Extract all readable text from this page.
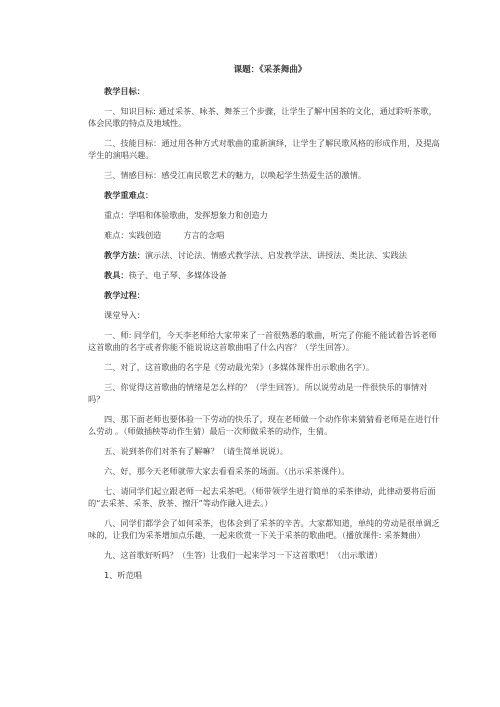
课题：《采茶舞曲》
教学目标：
一、知识目标: 通过采茶、咏茶、舞茶三个步骤，让学生了解中国茶的文化，通过聆听茶歌，体会民歌的特点及地域性。
二、技能目标：通过用各种方式对歌曲的重新演绎，让学生了解民歌风格的形成作用，及提高学生的演唱兴趣。
三、情感目标：感受江南民歌艺术的魅力，以唤起学生热爱生活的激情。
教学重难点：
重点：学唱和体验歌曲，发挥想象力和创造力
难点：实践创造	方言的念唱
教学方法：演示法、讨论法、情感式教学法、启发教学法、讲授法、类比法、实践法
教具：筷子、电子琴、多媒体设备
教学过程：
课堂导入：
一、师: 同学们，今天李老师给大家带来了一首很熟悉的歌曲，听完了你能不能试着告诉老师这首歌曲的名字或者你能不能说说这首歌曲唱了什么内容？（学生回答）。
二、对了，这首歌曲的名字是《劳动最光荣》（多媒体课件出示歌曲名字）。
三、你觉得这首歌曲的情绪是怎么样的？（学生回答）。所以说劳动是一件很快乐的事情对吗？
四、那下面老师也要体验一下劳动的快乐了，现在老师做一个动作你来猜猜看老师是在进行什么劳动 。（师做插秧等动作生猜）最后一次师做采茶的动作，生猜。
五、说到茶你们对茶有了解嘛？（请生简单说说）。
六、好，那今天老师就带大家去看看采茶的场面。（出示采茶课件）。
七、请同学们起立跟老师一起去采茶吧。（师带领学生进行简单的采茶律动，此律动要将后面的“去采茶、采茶、放茶、擦汗”等动作融入进去。）
八、同学们都学会了如何采茶，也体会到了采茶的辛苦。大家都知道，单纯的劳动是很单调乏味的，让我们为采茶增加点乐趣，一起来欣赏一下关于采茶的歌曲吧。（播放课件: 采茶舞曲）
九、这首歌好听吗？（生答）让我们一起来学习一下这首歌吧！（出示歌谱）
1、听范唱
